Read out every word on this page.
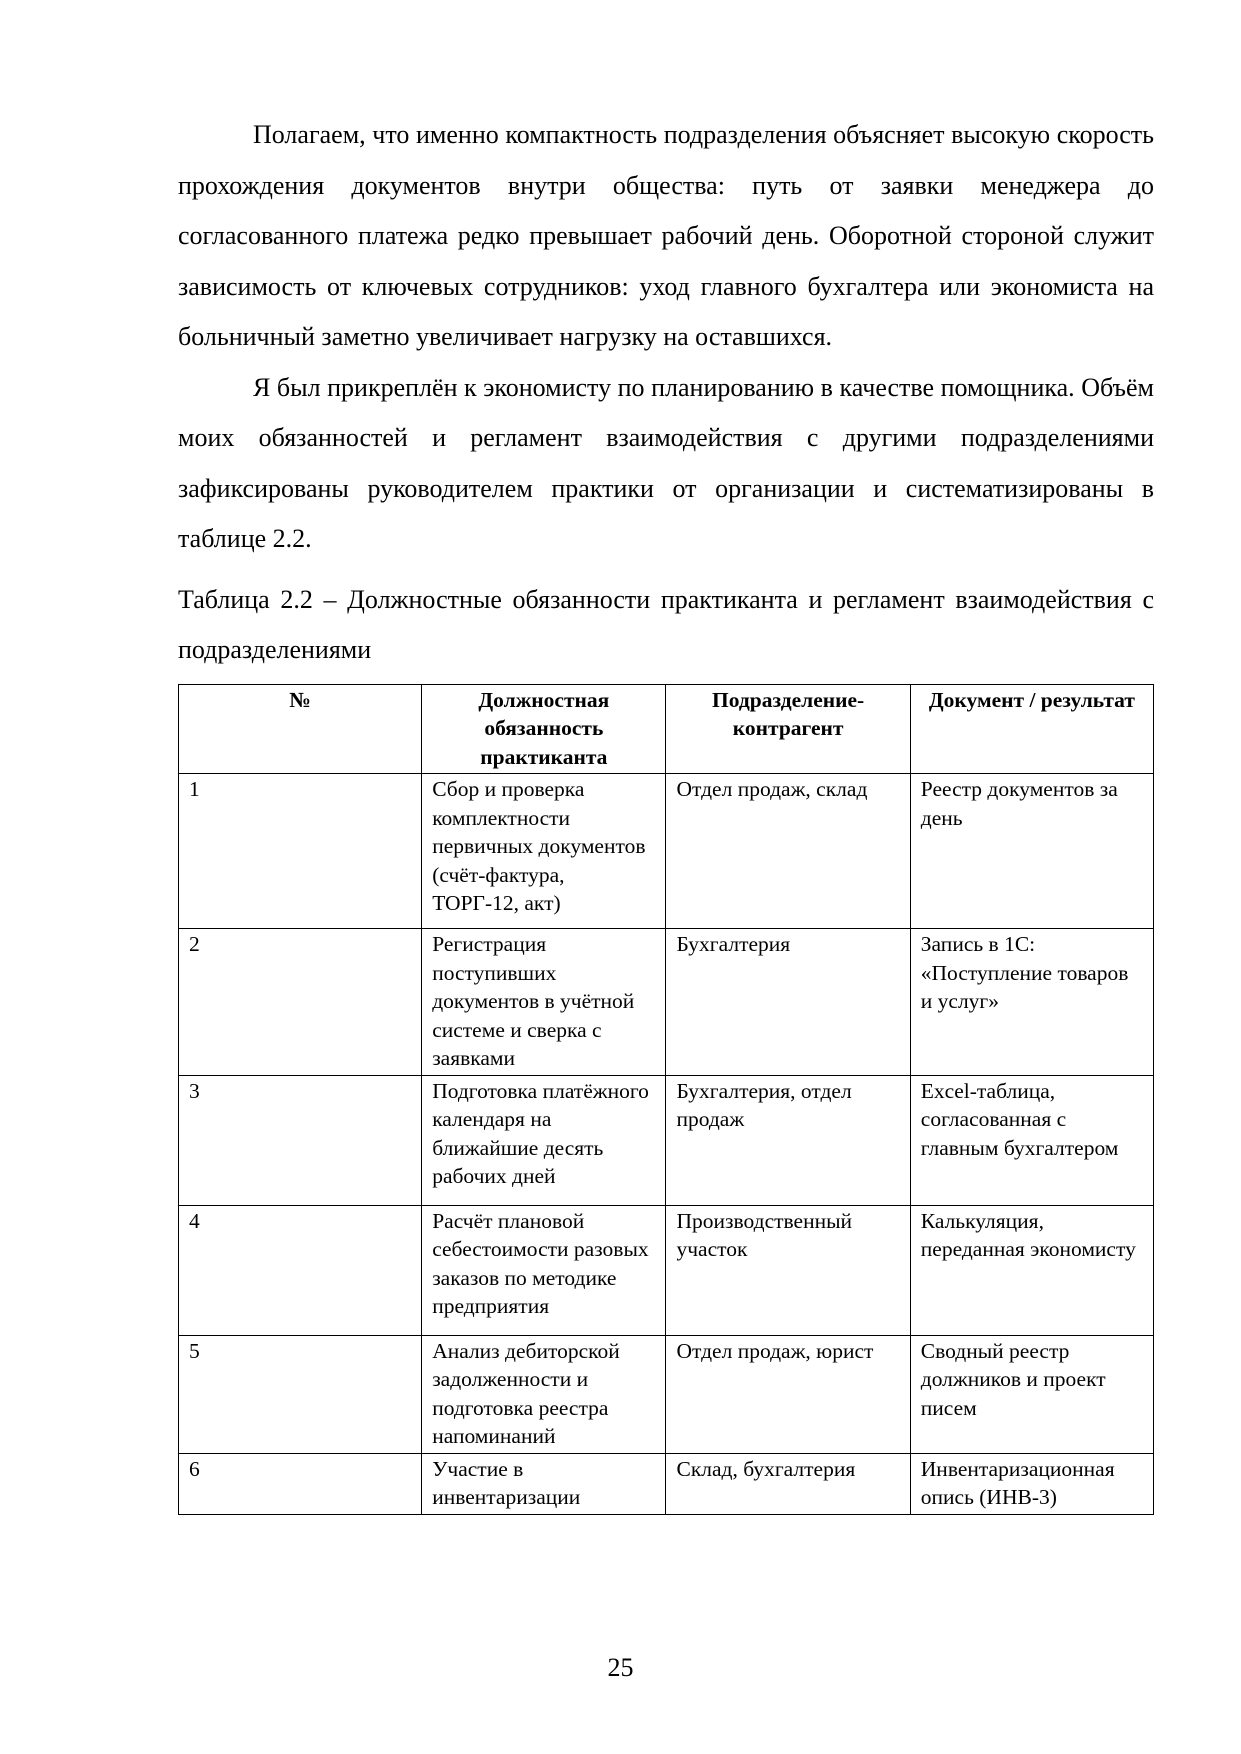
Полагаем, что именно компактность подразделения объясняет высокую скорость прохождения документов внутри общества: путь от заявки менеджера до согласованного платежа редко превышает рабочий день. Оборотной стороной служит зависимость от ключевых сотрудников: уход главного бухгалтера или экономиста на больничный заметно увеличивает нагрузку на оставшихся.

Я был прикреплён к экономисту по планированию в качестве помощника. Объём моих обязанностей и регламент взаимодействия с другими подразделениями зафиксированы руководителем практики от организации и систематизированы в таблице 2.2.

Таблица 2.2 – Должностные обязанности практиканта и регламент взаимодействия с подразделениями

№	Должностная обязанность практиканта	Подразделение-контрагент	Документ / результат
1	Сбор и проверка комплектности первичных документов (счёт-фактура, ТОРГ-12, акт)	Отдел продаж, склад	Реестр документов за день
2	Регистрация поступивших документов в учётной системе и сверка с заявками	Бухгалтерия	Запись в 1С: «Поступление товаров и услуг»
3	Подготовка платёжного календаря на ближайшие десять рабочих дней	Бухгалтерия, отдел продаж	Excel-таблица, согласованная с главным бухгалтером
4	Расчёт плановой себестоимости разовых заказов по методике предприятия	Производственный участок	Калькуляция, переданная экономисту
5	Анализ дебиторской задолженности и подготовка реестра напоминаний	Отдел продаж, юрист	Сводный реестр должников и проект писем
6	Участие в инвентаризации	Склад, бухгалтерия	Инвентаризационная опись (ИНВ-3)
25
